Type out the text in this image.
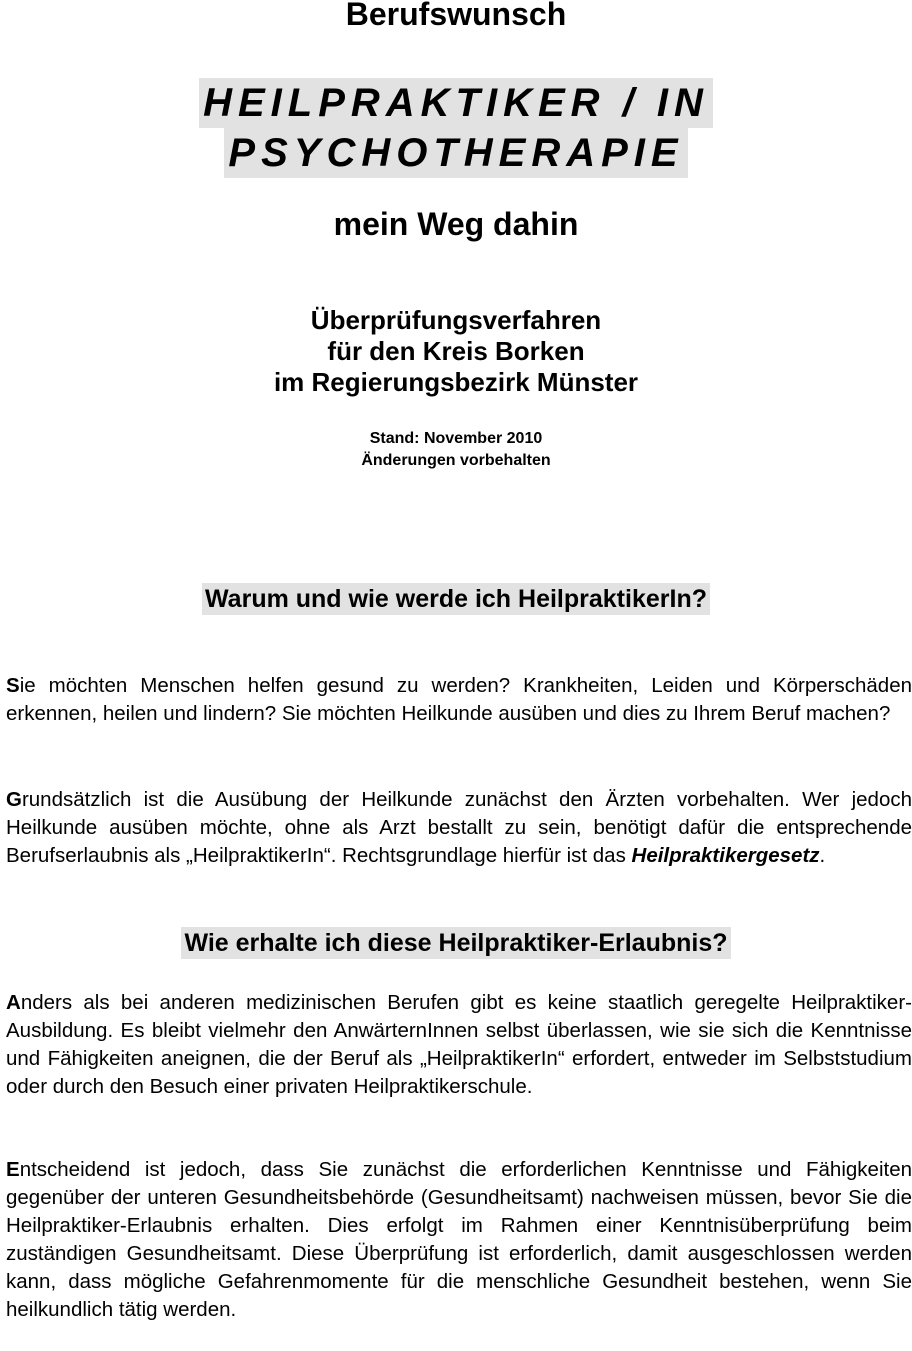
Berufswunsch
HEILPRAKTIKER / IN
PSYCHOTHERAPIE
mein Weg dahin
Überprüfungsverfahren
für den Kreis Borken
im Regierungsbezirk Münster
Stand: November 2010
Änderungen vorbehalten
Warum und wie werde ich HeilpraktikerIn?
Sie möchten Menschen helfen gesund zu werden? Krankheiten, Leiden und Körperschäden erkennen, heilen und lindern? Sie möchten Heilkunde ausüben und dies zu Ihrem Beruf machen?
Grundsätzlich ist die Ausübung der Heilkunde zunächst den Ärzten vorbehalten. Wer jedoch Heilkunde ausüben möchte, ohne als Arzt bestallt zu sein, benötigt dafür die entsprechende Berufserlaubnis als „HeilpraktikerIn“. Rechtsgrundlage hierfür ist das Heilpraktikergesetz.
Wie erhalte ich diese Heilpraktiker-Erlaubnis?
Anders als bei anderen medizinischen Berufen gibt es keine staatlich geregelte Heilpraktiker-Ausbildung. Es bleibt vielmehr den AnwärternInnen selbst überlassen, wie sie sich die Kenntnisse und Fähigkeiten aneignen, die der Beruf als „HeilpraktikerIn“ erfordert, entweder im Selbststudium oder durch den Besuch einer privaten Heilpraktikerschule.
Entscheidend ist jedoch, dass Sie zunächst die erforderlichen Kenntnisse und Fähigkeiten gegenüber der unteren Gesundheitsbehörde (Gesundheitsamt) nachweisen müssen, bevor Sie die Heilpraktiker-Erlaubnis erhalten. Dies erfolgt im Rahmen einer Kenntnisüberprüfung beim zuständigen Gesundheitsamt. Diese Überprüfung ist erforderlich, damit ausgeschlossen werden kann, dass mögliche Gefahrenmomente für die menschliche Gesundheit bestehen, wenn Sie heilkundlich tätig werden.
